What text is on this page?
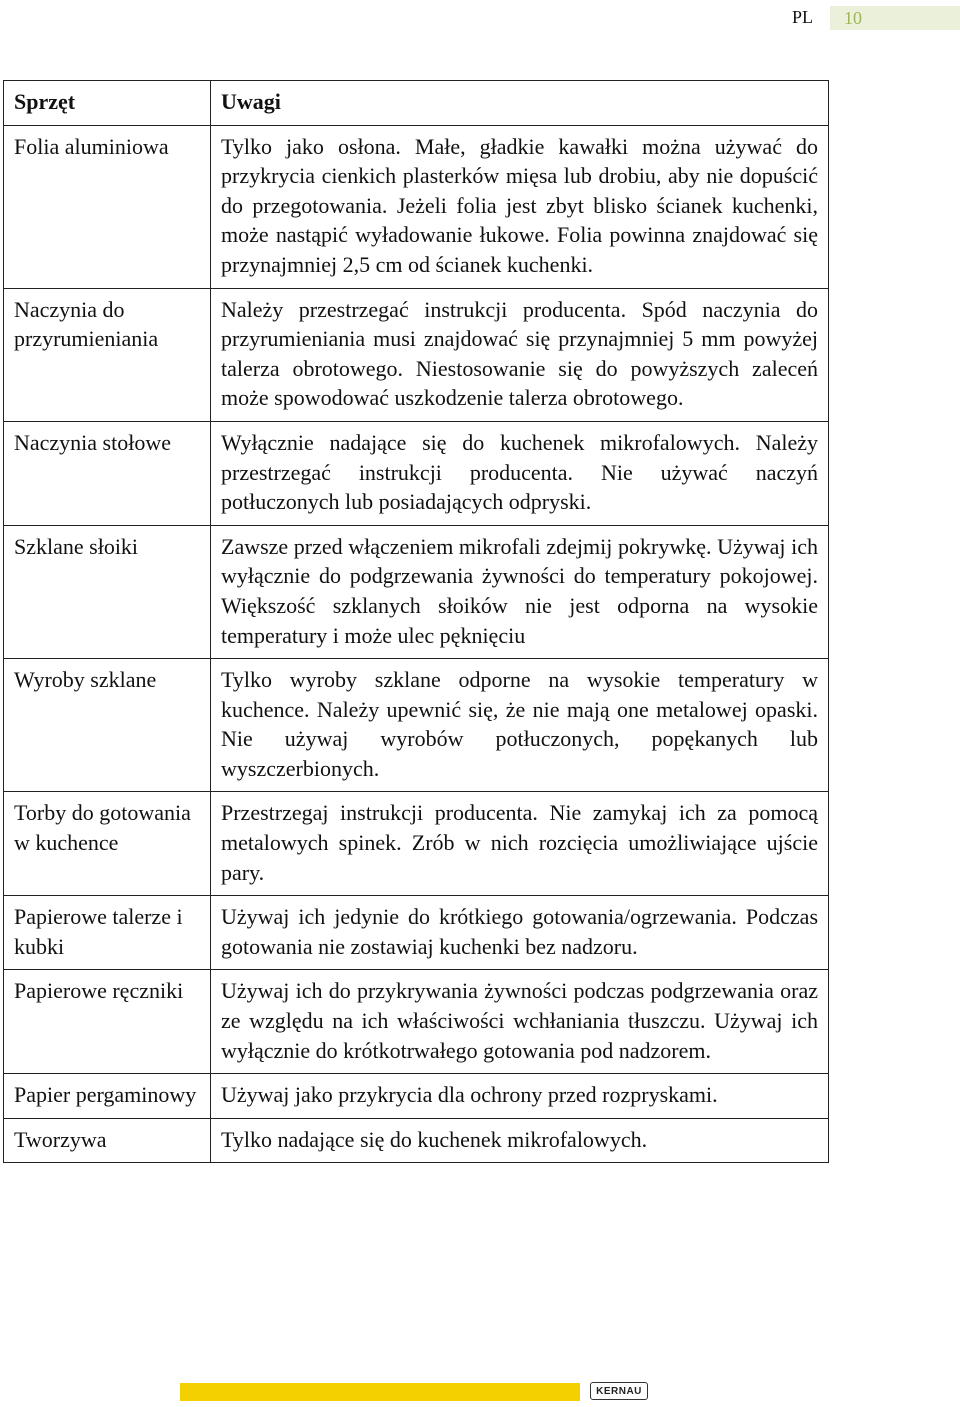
PL	10
Sprzęt	Uwagi
Folia aluminiowa	Tylko jako osłona. Małe, gładkie kawałki można używać do przykrycia cienkich plasterków mięsa lub drobiu, aby nie dopuścić do przegotowania. Jeżeli folia jest zbyt blisko ścianek kuchenki, może nastąpić wyładowanie łukowe. Folia powinna znajdować się przynajmniej 2,5 cm od ścianek kuchenki.
Naczynia do przyrumieniania	Należy przestrzegać instrukcji producenta. Spód naczynia do przyrumieniania musi znajdować się przynajmniej 5 mm powyżej talerza obrotowego. Niestosowanie się do powyższych zaleceń może spowodować uszkodzenie talerza obrotowego.
Naczynia stołowe	Wyłącznie nadające się do kuchenek mikrofalowych. Należy przestrzegać instrukcji producenta. Nie używać naczyń potłuczonych lub posiadających odpryski.
Szklane słoiki	Zawsze przed włączeniem mikrofali zdejmij pokrywkę. Używaj ich wyłącznie do podgrzewania żywności do temperatury pokojowej. Większość szklanych słoików nie jest odporna na wysokie temperatury i może ulec pęknięciu
Wyroby szklane	Tylko wyroby szklane odporne na wysokie temperatury w kuchence. Należy upewnić się, że nie mają one metalowej opaski. Nie używaj wyrobów potłuczonych, popękanych lub wyszczerbionych.
Torby do gotowania w kuchence	Przestrzegaj instrukcji producenta. Nie zamykaj ich za pomocą metalowych spinek. Zrób w nich rozcięcia umożliwiające ujście pary.
Papierowe talerze i kubki	Używaj ich jedynie do krótkiego gotowania/ogrzewania. Podczas gotowania nie zostawiaj kuchenki bez nadzoru.
Papierowe ręczniki	Używaj ich do przykrywania żywności podczas podgrzewania oraz ze względu na ich właściwości wchłaniania tłuszczu. Używaj ich wyłącznie do krótkotrwałego gotowania pod nadzorem.
Papier pergaminowy	Używaj jako przykrycia dla ochrony przed rozpryskami.
Tworzywa	Tylko nadające się do kuchenek mikrofalowych.
KERNAU
